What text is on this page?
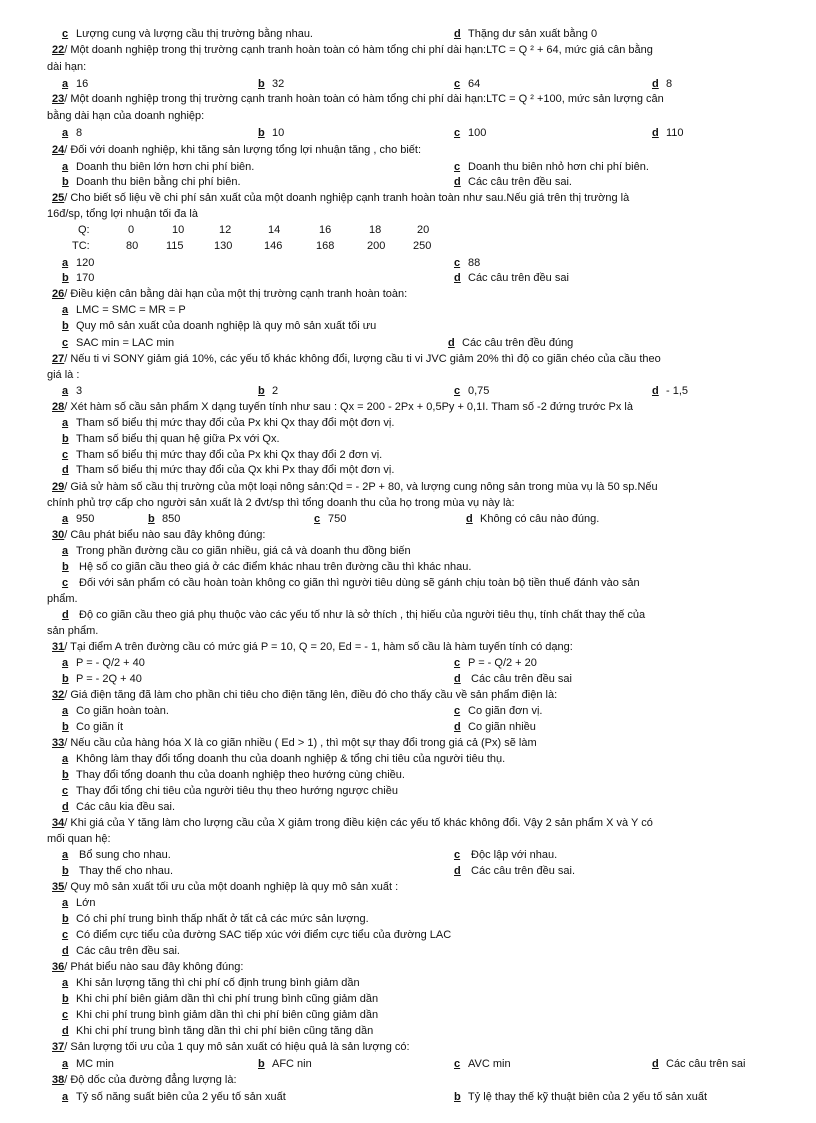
c Lượng cung và lượng cầu thị trường bằng nhau.	d Thặng dư sản xuất bằng 0
22/ Một doanh nghiệp trong thị trường cạnh tranh hoàn toàn có hàm tổng chi phí dài hạn:LTC = Q ² + 64, mức giá cân bằng
dài hạn:
a 16	b 32	c 64	d 8
23/ Một doanh nghiệp trong thị trường cạnh tranh hoàn toàn có hàm tổng chi phí dài hạn:LTC = Q ² +100, mức sản lượng cân
bằng dài hạn của doanh nghiệp:
a 8	b 10	c 100	d 110
24/ Đối với doanh nghiệp, khi tăng sản lượng tổng lợi nhuận tăng , cho biết:
a Doanh thu biên lớn hơn chi phí biên.	c Doanh thu biên nhỏ hơn chi phí biên.
b Doanh thu biên bằng chi phí biên.	d Các câu trên đều sai.
25/ Cho biết số liệu về chi phí sản xuất của một doanh nghiệp cạnh tranh hoàn toàn như sau.Nếu giá trên thị trường là
16đ/sp, tổng lợi nhuận tối đa là
Q:	0	10	12	14	16	18	20
TC:	80	115	130	146	168	200	250
a 120	c 88
b 170	d Các câu trên đều sai
26/ Điều kiện cân bằng dài hạn của một thị trường cạnh tranh hoàn toàn:
a LMC = SMC = MR = P
b Quy mô sản xuất của doanh nghiệp là quy mô sản xuất tối ưu
c SAC min = LAC min	d Các câu trên đều đúng
27/ Nếu ti vi SONY giảm giá 10%, các yếu tố khác không đổi, lượng cầu ti vi JVC giảm 20% thì độ co giãn chéo của cầu theo
giá là :
a 3	b 2	c 0,75	d - 1,5
28/ Xét hàm số cầu sản phẩm X dạng tuyến tính như sau : Qx = 200 - 2Px + 0,5Py + 0,1I. Tham số -2 đứng trước Px là
a Tham số biểu thị mức thay đổi của Px khi Qx thay đổi một đơn vị.
b Tham số biểu thị quan hệ giữa Px với Qx.
c Tham số biểu thị mức thay đổi của Px khi Qx thay đổi 2 đơn vị.
d Tham số biểu thị mức thay đổi của Qx khi Px thay đổi một đơn vị.
29/ Giả sử hàm số cầu thị trường của một loại nông sản:Qd = - 2P + 80, và lượng cung nông sản trong mùa vụ là 50 sp.Nếu
chính phủ trợ cấp cho người sản xuất là 2 đvt/sp thì tổng doanh thu của họ trong mùa vụ này là:
a 950	b 850	c 750	d Không có câu nào đúng.
30/ Câu phát biểu nào sau đây không đúng:
a Trong phần đường cầu co giãn nhiều, giá cả và doanh thu đồng biến
b Hệ số co giãn cầu theo giá ở các điểm khác nhau trên đường cầu thì khác nhau.
c Đối với sản phẩm có cầu hoàn toàn không co giãn thì người tiêu dùng sẽ gánh chịu toàn bộ tiền thuế đánh vào sản
phẩm.
d Độ co giãn cầu theo giá phụ thuộc vào các yếu tố như là sở thích , thị hiếu của người tiêu thụ, tính chất thay thế của
sản phẩm.
31/ Tại điểm A trên đường cầu có mức giá P = 10, Q = 20, Ed = - 1, hàm số cầu là hàm tuyến tính có dạng:
a P = - Q/2 + 40	c P = - Q/2 + 20
b P = - 2Q + 40	d Các câu trên đều sai
32/ Giá điện tăng đã làm cho phần chi tiêu cho điện tăng lên, điều đó cho thấy cầu về sản phẩm điện là:
a Co giãn hoàn toàn.	c Co giãn đơn vị.
b Co giãn ít	d Co giãn nhiều
33/ Nếu cầu của hàng hóa X là co giãn nhiều ( Ed > 1) , thì một sự thay đổi trong giá cả (Px) sẽ làm
a Không làm thay đổi tổng doanh thu của doanh nghiệp & tổng chi tiêu của người tiêu thụ.
b Thay đổi tổng doanh thu của doanh nghiệp theo hướng cùng chiều.
c Thay đổi tổng chi tiêu của người tiêu thụ theo hướng ngược chiều
d Các câu kia đều sai.
34/ Khi giá của Y tăng làm cho lượng cầu của X giảm trong điều kiện các yếu tố khác không đổi. Vậy 2 sản phẩm X và Y có
mối quan hệ:
a Bổ sung cho nhau.	c Độc lập với nhau.
b Thay thế cho nhau.	d Các câu trên đều sai.
35/ Quy mô sản xuất tối ưu của một doanh nghiệp là quy mô sản xuất :
a Lớn
b Có chi phí trung bình thấp nhất ở tất cả các mức sản lượng.
c Có điểm cực tiểu của đường SAC tiếp xúc với điểm cực tiểu của đường LAC
d Các câu trên đều sai.
36/ Phát biểu nào sau đây không đúng:
a Khi sản lượng tăng thì chi phí cố định trung bình giảm dần
b Khi chi phí biên giảm dần thì chi phí trung bình cũng giảm dần
c Khi chi phí trung bình giảm dần thì chi phí biên cũng giảm dần
d Khi chi phí trung bình tăng dần thì chi phí biên cũng tăng dần
37/ Sản lượng tối ưu của 1 quy mô sản xuất có hiệu quả là sản lượng có:
a MC min	b AFC nin	c AVC min	d Các câu trên sai
38/ Độ dốc của đường đẳng lượng là:
a Tỷ số năng suất biên của 2 yếu tố sản xuất	b Tỷ lệ thay thế kỹ thuật biên của 2 yếu tố sản xuất
